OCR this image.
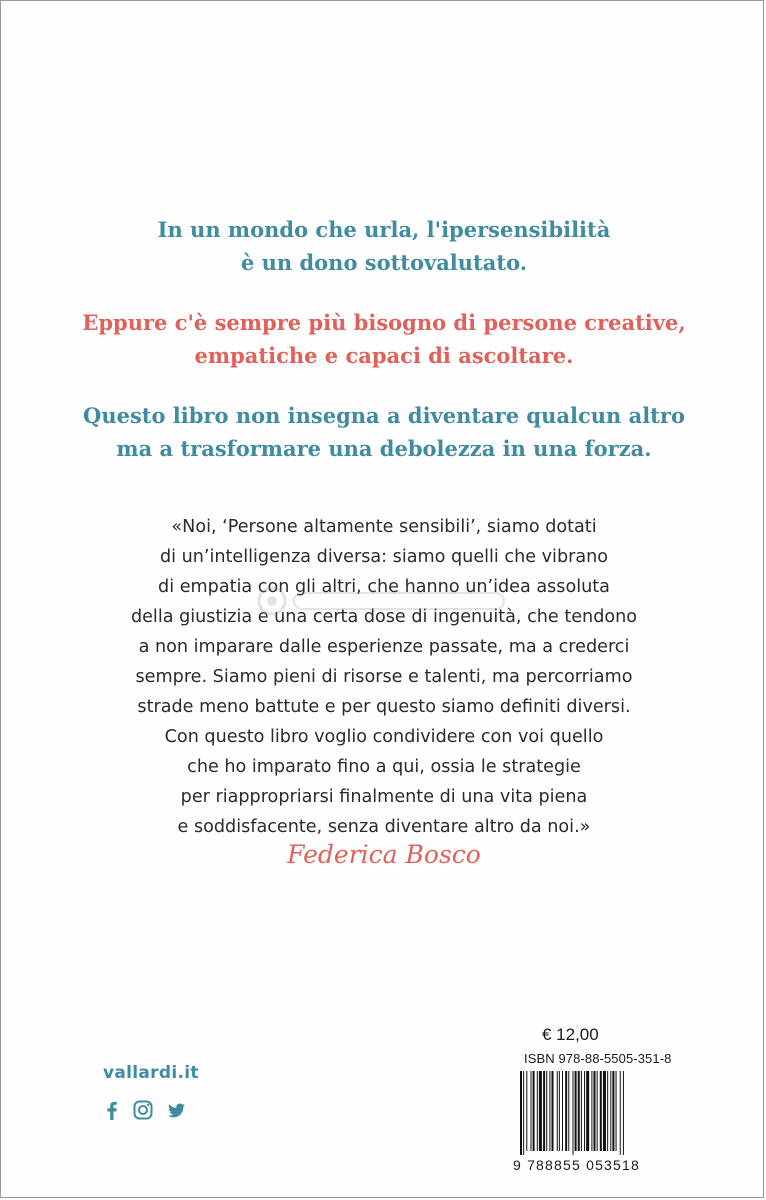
In un mondo che urla, l'ipersensibilità
è un dono sottovalutato.
Eppure c'è sempre più bisogno di persone creative,
empatiche e capaci di ascoltare.
Questo libro non insegna a diventare qualcun altro
ma a trasformare una debolezza in una forza.
«Noi, ‘Persone altamente sensibili’, siamo dotati
di un’intelligenza diversa: siamo quelli che vibrano
di empatia con gli altri, che hanno un’idea assoluta
della giustizia e una certa dose di ingenuità, che tendono
a non imparare dalle esperienze passate, ma a crederci
sempre. Siamo pieni di risorse e talenti, ma percorriamo
strade meno battute e per questo siamo definiti diversi.
Con questo libro voglio condividere con voi quello
che ho imparato fino a qui, ossia le strategie
per riappropriarsi finalmente di una vita piena
e soddisfacente, senza diventare altro da noi.»
Federica Bosco
vallardi.it
€ 12,00
ISBN 978-88-5505-351-8
9 788855 053518
